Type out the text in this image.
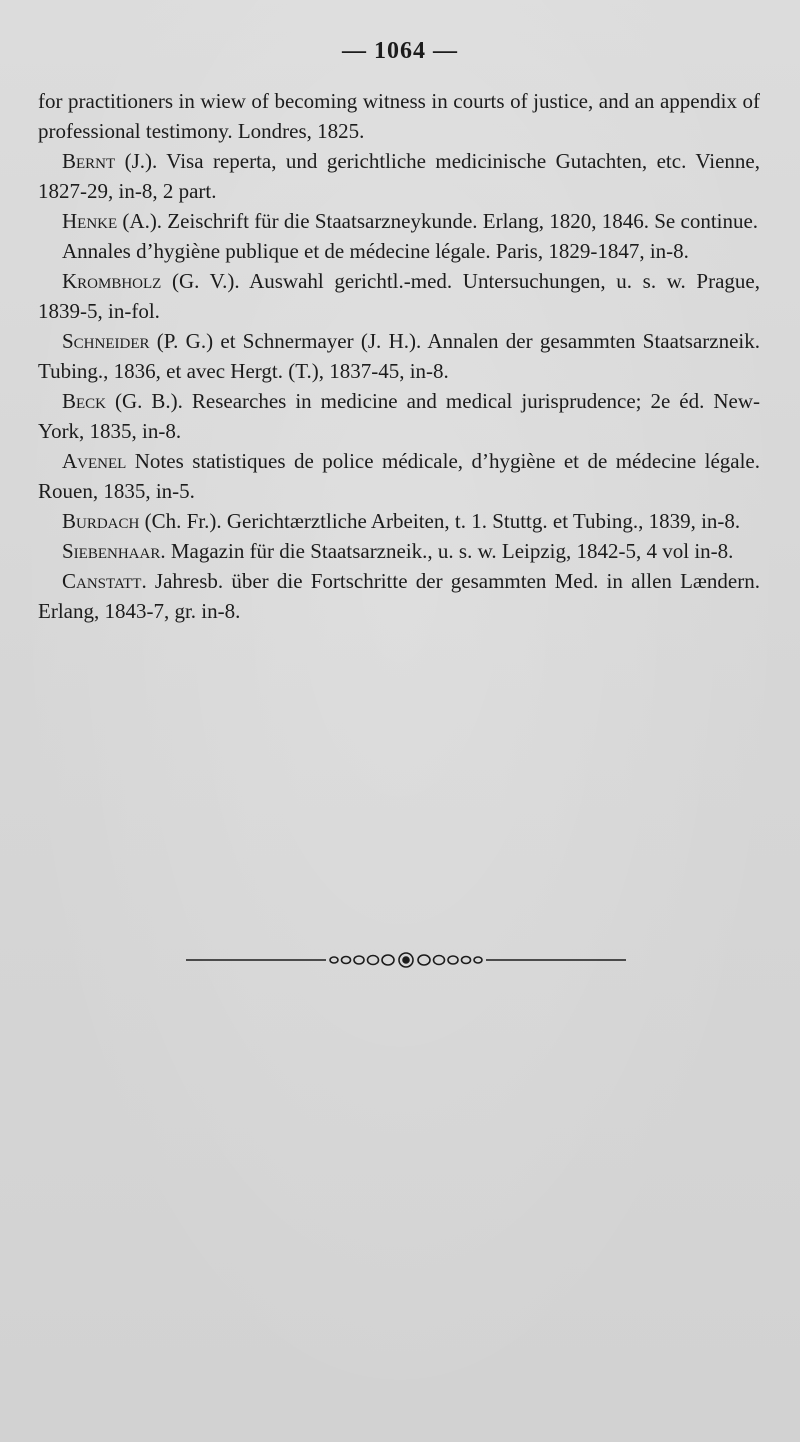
— 1064 —

for practitioners in wiew of becoming witness in courts of justice, and an appendix of professional testimony. Londres, 1825.

Bernt (J.). Visa reperta, und gerichtliche medicinische Gutachten, etc. Vienne, 1827-29, in-8, 2 part.

Henke (A.). Zeischrift für die Staatsarzneykunde. Erlang, 1820, 1846. Se continue.

Annales d’hygiène publique et de médecine légale. Paris, 1829-1847, in-8.

Krombholz (G. V.). Auswahl gerichtl.-med. Untersuchungen, u. s. w. Prague, 1839-5, in-fol.

Schneider (P. G.) et Schnermayer (J. H.). Annalen der gesammten Staatsarzneik. Tubing., 1836, et avec Hergt. (T.), 1837-45, in-8.

Beck (G. B.). Researches in medicine and medical jurisprudence; 2e éd. New-York, 1835, in-8.

Avenel Notes statistiques de police médicale, d’hygiène et de médecine légale. Rouen, 1835, in-5.

Burdach (Ch. Fr.). Gerichtærztliche Arbeiten, t. 1. Stuttg. et Tubing., 1839, in-8.

Siebenhaar. Magazin für die Staatsarzneik., u. s. w. Leipzig, 1842-5, 4 vol in-8.

Canstatt. Jahresb. über die Fortschritte der gesammten Med. in allen Lændern. Erlang, 1843-7, gr. in-8.
